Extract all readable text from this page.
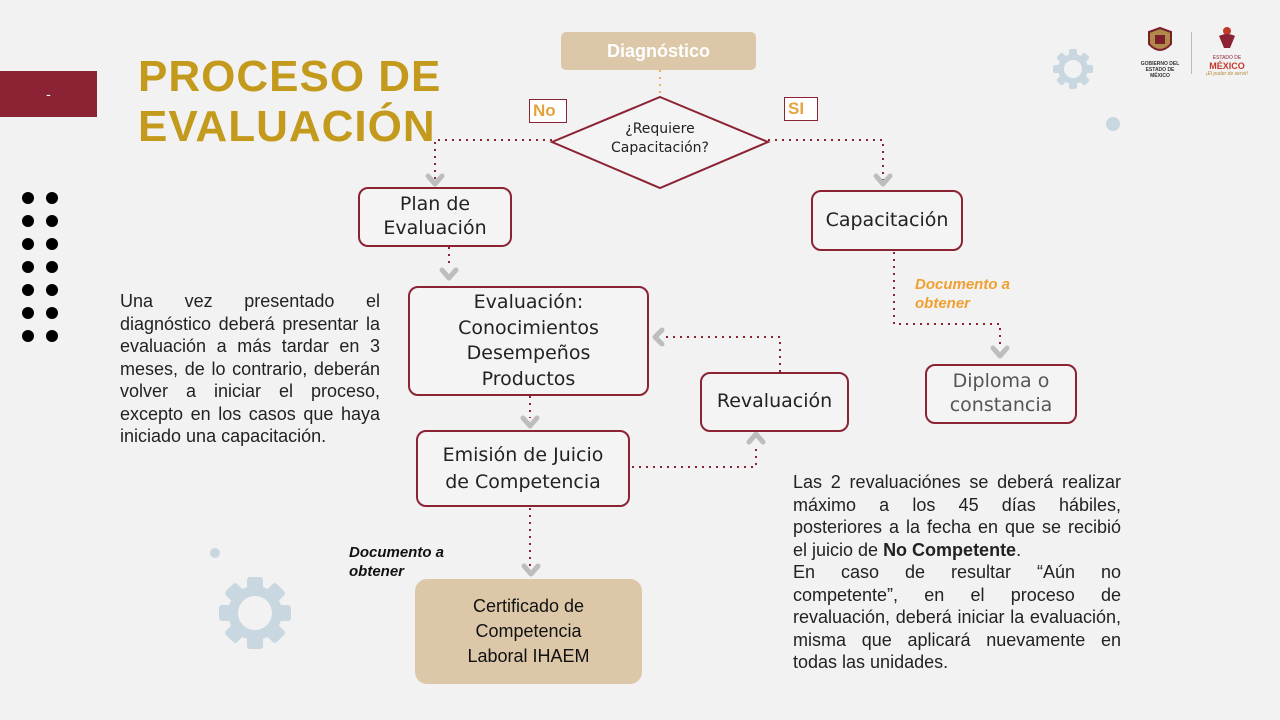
- PROCESO DE
EVALUACIÓN
GOBIERNO DEL
ESTADO DE
MÉXICO
ESTADO DE
MÉXICO
¡El poder de servir!
Diagnóstico
¿Requiere
Capacitación?
No	SI
Plan de
Evaluación	Capacitación
Evaluación:
Conocimientos
Desempeños
Productos
Revaluación
Diploma o
constancia
Emisión de Juicio
de Competencia
Certificado de
Competencia
Laboral IHAEM
Documento a
obtener
Documento a
obtener
Una vez presentado el diagnóstico deberá presentar la evaluación a más tardar en 3 meses, de lo contrario, deberán volver a iniciar el proceso, excepto en los casos que haya iniciado una capacitación.
Las 2 revaluaciónes se deberá realizar máximo a los 45 días hábiles, posteriores a la fecha en que se recibió el juicio de No Competente.
En caso de resultar “Aún no competente”, en el proceso de revaluación, deberá iniciar la evaluación, misma que aplicará nuevamente en todas las unidades.
